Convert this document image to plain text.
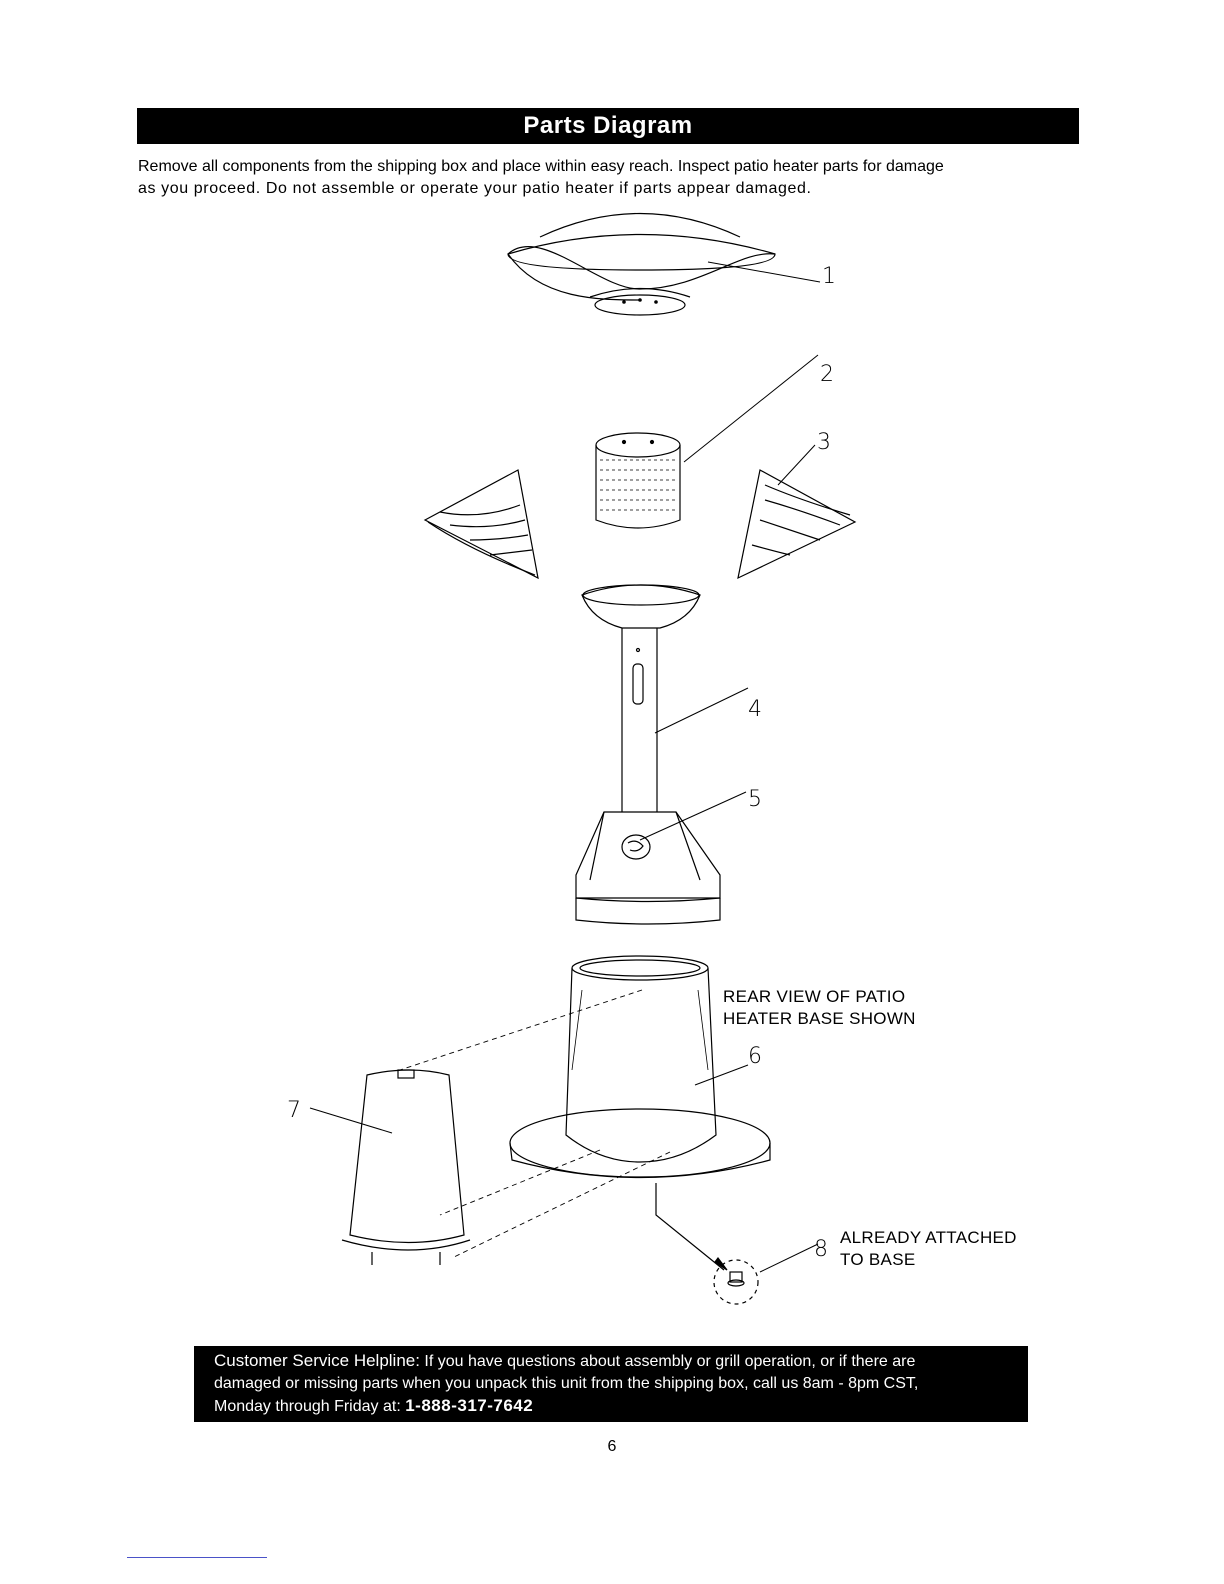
Parts Diagram
Remove all components from the shipping box and place within easy reach. Inspect patio heater parts for damage
as you proceed. Do not assemble or operate your patio heater if parts appear damaged.
1
2
3
4
5
6
7
8
REAR VIEW OF PATIO
HEATER BASE SHOWN
ALREADY ATTACHED
TO BASE
Customer Service Helpline: If you have questions about assembly or grill operation, or if there are
damaged or missing parts when you unpack this unit from the shipping box, call us 8am - 8pm CST,
Monday through Friday at: 1-888-317-7642
6
